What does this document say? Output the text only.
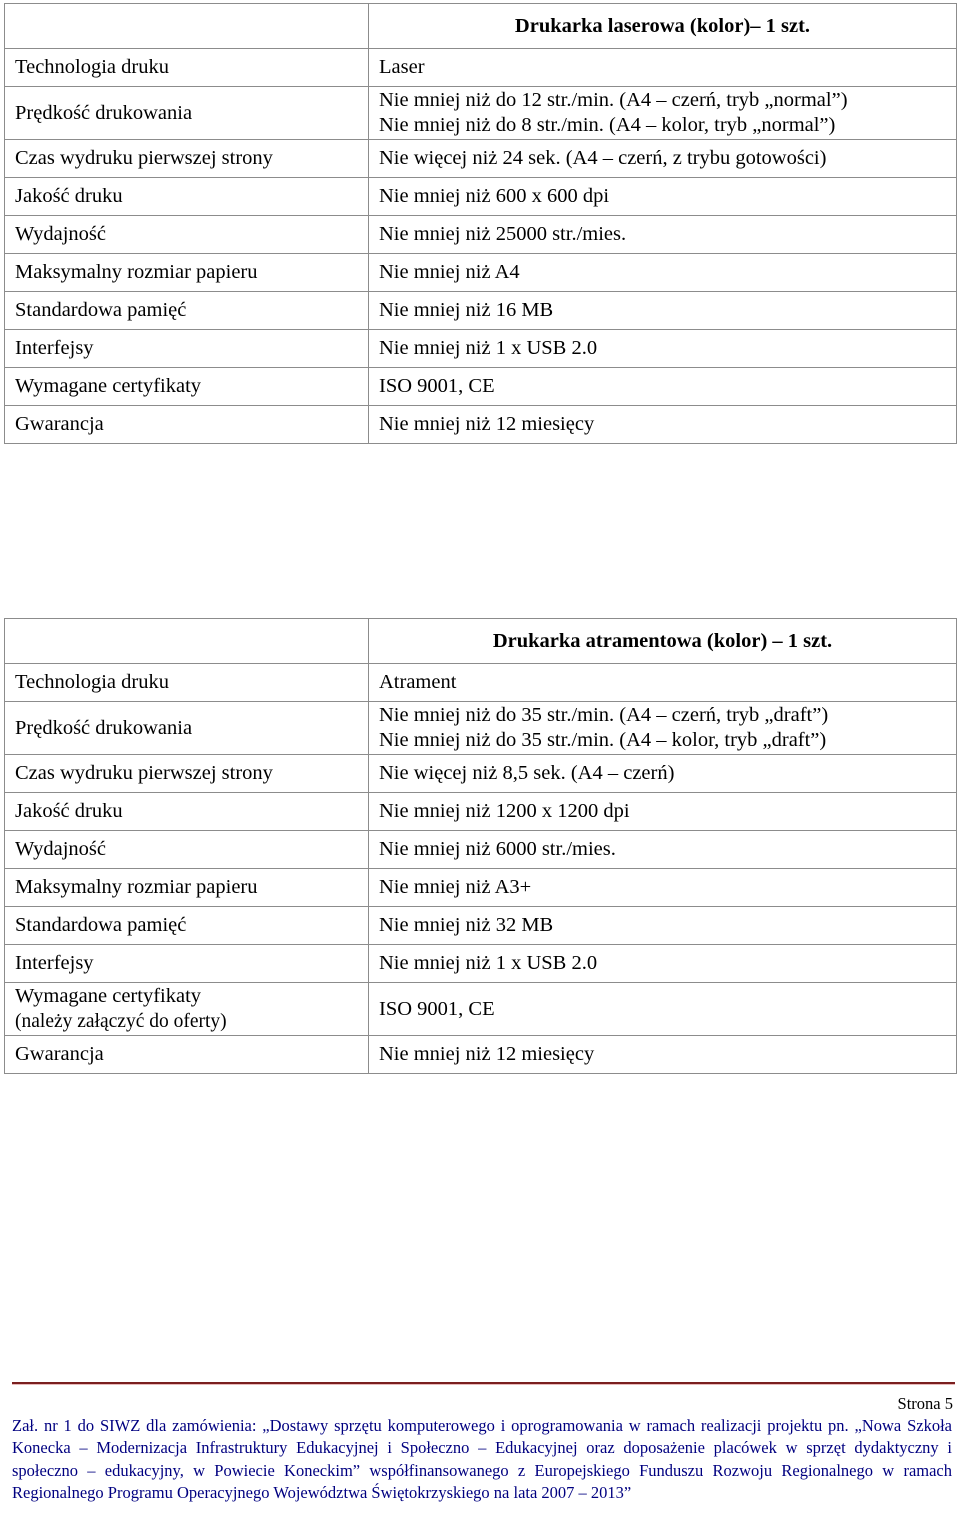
	Drukarka laserowa (kolor)– 1 szt.
Technologia druku	Laser

Prędkość drukowania	Nie mniej niż do 12 str./min. (A4 – czerń, tryb „normal”)
Nie mniej niż do 8 str./min. (A4 – kolor, tryb „normal”)

Czas wydruku pierwszej strony	Nie więcej niż 24 sek. (A4 – czerń, z trybu gotowości)

Jakość druku	Nie mniej niż 600 x 600 dpi

Wydajność	Nie mniej niż 25000 str./mies.

Maksymalny rozmiar papieru	Nie mniej niż A4

Standardowa pamięć	Nie mniej niż 16 MB

Interfejsy	Nie mniej niż 1 x USB 2.0

Wymagane certyfikaty	ISO 9001, CE

Gwarancja	Nie mniej niż 12 miesięcy
	Drukarka atramentowa (kolor) – 1 szt.
Technologia druku	Atrament

Prędkość drukowania	Nie mniej niż do 35 str./min. (A4 – czerń, tryb „draft”)
Nie mniej niż do 35 str./min. (A4 – kolor, tryb „draft”)

Czas wydruku pierwszej strony	Nie więcej niż 8,5 sek. (A4 – czerń)

Jakość druku	Nie mniej niż 1200 x 1200 dpi

Wydajność	Nie mniej niż 6000 str./mies.

Maksymalny rozmiar papieru	Nie mniej niż A3+

Standardowa pamięć	Nie mniej niż 32 MB

Interfejsy	Nie mniej niż 1 x USB 2.0

Wymagane certyfikaty
(należy załączyć do oferty)	ISO 9001, CE

Gwarancja	Nie mniej niż 12 miesięcy
Strona 5
Zał. nr 1 do SIWZ dla zamówienia: „Dostawy sprzętu komputerowego i oprogramowania w ramach realizacji projektu pn. „Nowa Szkoła Konecka – Modernizacja Infrastruktury Edukacyjnej i Społeczno – Edukacyjnej oraz doposażenie placówek w sprzęt dydaktyczny i społeczno – edukacyjny, w Powiecie Koneckim” współfinansowanego z Europejskiego Funduszu Rozwoju Regionalnego w ramach Regionalnego Programu Operacyjnego Województwa Świętokrzyskiego na lata 2007 – 2013”
